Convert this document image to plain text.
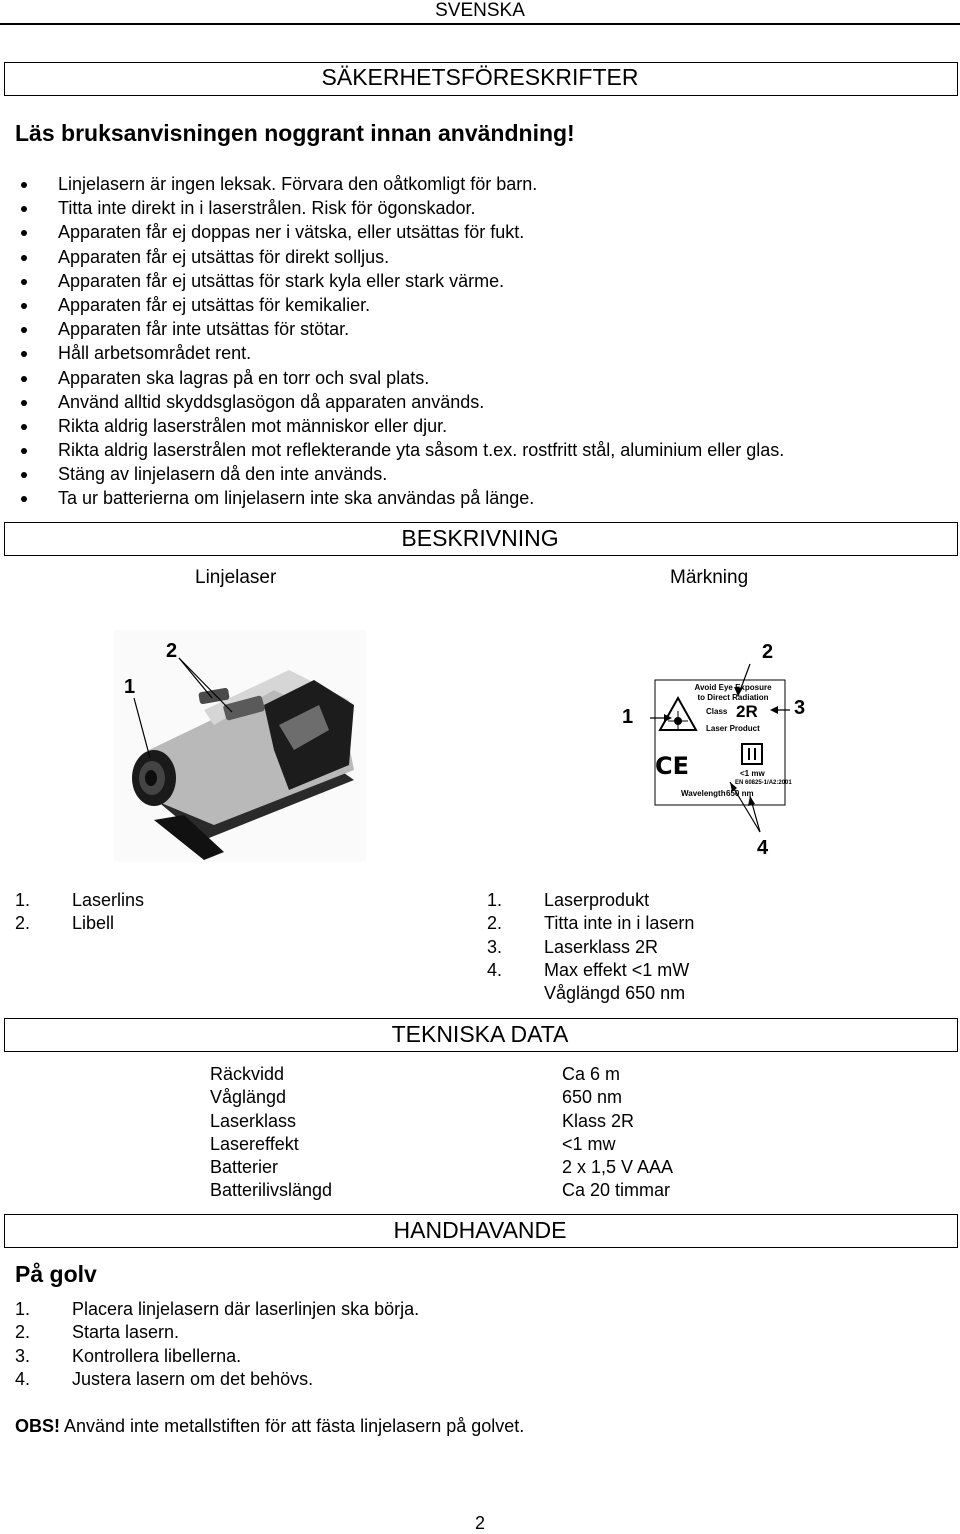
SVENSKA
SÄKERHETSFÖRESKRIFTER
Läs bruksanvisningen noggrant innan användning!
Linjelasern är ingen leksak. Förvara den oåtkomligt för barn.
Titta inte direkt in i laserstrålen. Risk för ögonskador.
Apparaten får ej doppas ner i vätska, eller utsättas för fukt.
Apparaten får ej utsättas för direkt solljus.
Apparaten får ej utsättas för stark kyla eller stark värme.
Apparaten får ej utsättas för kemikalier.
Apparaten får inte utsättas för stötar.
Håll arbetsområdet rent.
Apparaten ska lagras på en torr och sval plats.
Använd alltid skyddsglasögon då apparaten används.
Rikta aldrig laserstrålen mot människor eller djur.
Rikta aldrig laserstrålen mot reflekterande yta såsom t.ex. rostfritt stål, aluminium eller glas.
Stäng av linjelasern då den inte används.
Ta ur batterierna om linjelasern inte ska användas på länge.
BESKRIVNING
Linjelaser	Märkning
1
2
Avoid Eye Exposure
to Direct Radiation
Class 2R
Laser Product
CE	<1 mw
EN 60825-1/A2:2001
Wavelength 650 nm
1
2
3
4
1. Laserlins
2. Libell
1. Laserprodukt
2. Titta inte in i lasern
3. Laserklass 2R
4. Max effekt <1 mW
Våglängd 650 nm
TEKNISKA DATA
Räckvidd	Ca 6 m
Våglängd	650 nm
Laserklass	Klass 2R
Lasereffekt	<1 mw
Batterier	2 x 1,5 V AAA
Batterilivslängd	Ca 20 timmar
HANDHAVANDE
På golv
1. Placera linjelasern där laserlinjen ska börja.
2. Starta lasern.
3. Kontrollera libellerna.
4. Justera lasern om det behövs.
OBS! Använd inte metallstiften för att fästa linjelasern på golvet.
2
